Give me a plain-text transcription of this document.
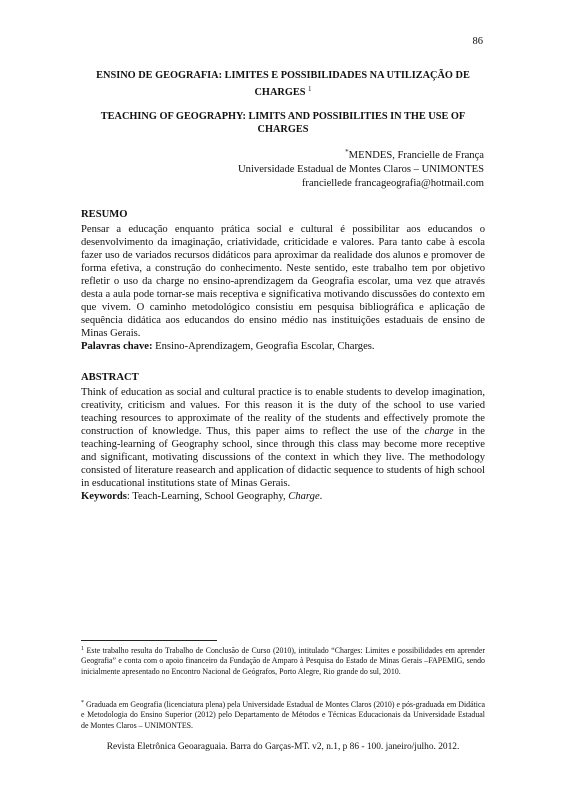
86
ENSINO DE GEOGRAFIA: LIMITES E POSSIBILIDADES NA UTILIZAÇÃO DE CHARGES $^1$
TEACHING OF GEOGRAPHY: LIMITS AND POSSIBILITIES IN THE USE OF CHARGES
*MENDES, Francielle de França
Universidade Estadual de Montes Claros – UNIMONTES
franciellede francageografia@hotmail.com
RESUMO

Pensar a educação enquanto prática social e cultural é possibilitar aos educandos o desenvolvimento da imaginação, criatividade, criticidade e valores. Para tanto cabe à escola fazer uso de variados recursos didáticos para aproximar da realidade dos alunos e promover de forma efetiva, a construção do conhecimento. Neste sentido, este trabalho tem por objetivo refletir o uso da charge no ensino-aprendizagem da Geografia escolar, uma vez que através desta a aula pode tornar-se mais receptiva e significativa motivando discussões do contexto em que vivem. O caminho metodológico consistiu em pesquisa bibliográfica e aplicação de sequência didática aos educandos do ensino médio nas instituições estaduais de ensino de Minas Gerais.

Palavras chave: Ensino-Aprendizagem, Geografia Escolar, Charges.

ABSTRACT

Think of education as social and cultural practice is to enable students to develop imagination, creativity, criticism and values. For this reason it is the duty of the school to use varied teaching resources to approximate of the reality of the students and effectively promote the construction of knowledge. Thus, this paper aims to reflect the use of the charge in the teaching-learning of Geography school, since through this class may become more receptive and significant, motivating discussions of the context in which they live. The methodology consisted of literature reasearch and application of didactic sequence to students of high school in esducational institutions state of Minas Gerais.

Keywords: Teach-Learning, School Geography, Charge.

$^1$ Este trabalho resulta do Trabalho de Conclusão de Curso (2010), intitulado “Charges: Limites e possibilidades em aprender Geografia” e conta com o apoio financeiro da Fundação de Amparo à Pesquisa do Estado de Minas Gerais –FAPEMIG, sendo inicialmente apresentado no Encontro Nacional de Geógrafos, Porto Alegre, Rio grande do sul, 2010.

* Graduada em Geografia (licenciatura plena) pela Universidade Estadual de Montes Claros (2010) e pós-graduada em Didática e Metodologia do Ensino Superior (2012) pelo Departamento de Métodos e Técnicas Educacionais da Universidade Estadual de Montes Claros – UNIMONTES.

Revista Eletrônica Geoaraguaia. Barra do Garças-MT. v2, n.1, p 86 - 100. janeiro/julho. 2012.
